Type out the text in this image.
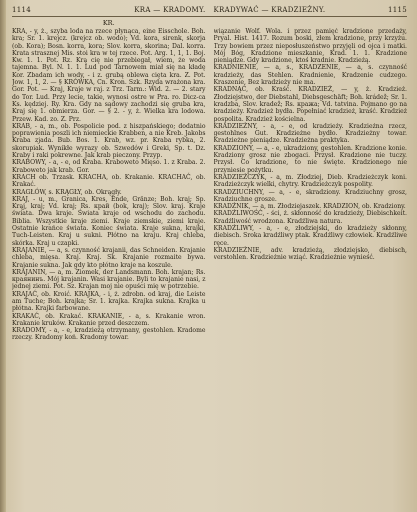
1114	KRA — KRADOMY. KRADYWAĆ — KRADZIEŻNY.	1115
KR.

KRA, - y, ż., szyba loda na rzece płynąca, eine Eisschole. Boh. kra; Sr. 1. krejcz. (krejcz ob. wodo); Vd. kora, sirenk, skorja (ob. Kora); Bosn. korra, kora; Slov. korra, skorina; Dal. korra. Krata strasznej Mis. stoi kra w tej rzece. Pot. Arg. 1, 1, 1. Boj. Kw. 1. 1. Pot. Rz. Krą cię nie przebiegał, wiem, że woda tajemna. Byl. N. 1. 1. Lud pod Tarnowem miał się na kładę Kor. Zbadam ich wody, - i z. grubą oblewa cięta kra. Z. Pot. Jow. 1, 1, 2. — § KRÓWKA, Cn. Kron. Szk. Rzyda wrażona kra. Gor. Pot. — Kraj, Kraje w raj. z Trz. Tarm.: Wid. 2. — 2. stary do Tor. Lud. Przy lecie, takie, wynosi ostre w Pra. ro. Dicz-ca Ks. kędziej. Ry. Kra. Gdy na sądowy zachodzi się gruba kra, Kraj się 1. obmierza. Gor. — § 2. - y, ż. Wielka kra lodowa. Przew. Kad. zo. Z. Prz.

KRAB, - a, m., ob. Pospolicie pod. z hiszpańskiego; dodatnio poprawienia poszli ich niemieckie Krabben, a nie Kreb. Jakobs Kraba zjada. Bub. Bos. 1. Krab, wz. pr. Kraba rybka, 2. skorupiak. Wynikłe wyrazy ob. Szwedów i Greki, Sp. t. Dz. Kraby i raki pokrewne. Jak krab pieczony. Przyp.

KRABOWY, - a, - e, od Kraba. Kraboweto Mięso. 1. z Kraba. 2. Kraboweto jak krab. Gor.

KRACH ob. Trzask. KRACHA, ob. Krakanie. KRACHAĆ, ob. Krakać.

KRAGŁÓW, s. KRĄGŁY, ob. Okrągły.

KRAJ, - u, m., Granica, Kres, Ende, Gränze; Boh. kraj; Sp. Krąj, kraj; Vd. kraj; Rs. край (bok, kraj); Slov. kraj. Kraje świata. Dwa kraje. Świata kraje od wschodu do zachodu. Biblia. Wszystkie kraje ziemi. Kraje ziemskie, ziemi kraje. Ostatnie krańce świata. Koniec świata. Kraje sukna, krajki, Tuch-Leisten. Kraj u sukni. Płótno na kraju. Kraj chleba, skórka. Kraj u czapki.

KRAJANIE, — a, s. czynność krajanii, das Schneiden. Krajanie chleba, mięsa. Kraj. Kraj. Sk. Krajanie rozmaite bywa. Krajanie sukna. Jak gdy kto płótno kraje na koszule.

KRAJANIN, — a, m. Ziomek, der Landsmann. Boh. krajan; Rs. краянинъ. Mój krajanin. Wasi krajanie. Byli to krajanie nasi, z jednej ziemi. Pot. Sz. Krajan moj nie opuści mię w potrzebie.

KRAJAĆ, ob. Kroić. KRAJKA, - i, ż. zdrobn. od kraj, die Leiste am Tuche; Boh. krajka; Sr. 1. krajka. Krajka sukna. Krajka u płótna. Krajki farbowane.

KRAKAĆ, ob. Krakać. KRAKANIE, - a, s. Krakanie wron. Krakanie kruków. Krakanie przed deszczem.

KRADOMY, - a, - e, kradzieżą otrzymany, gestohlen. Kradome rzeczy. Kradomy koń. Kradomy towar.

wiązanie Wolf. Wola. i przez pamięć kradzione przedaży, Pryal. Hist. 1417. Rozum boski, złem kradzione, przy krzyżu. Trzy bowiem przez nieposłuszeństwo przyjęli od ojca i matki. Mój Bóg, Kradzione mieszkanie, Krad. 1. 1. Kradzione pieniądze. Gdy kradzione, ktoś kradnie. Kradzieżą.

KRADNIENIE, — a, s., KRADZENIE, — a, s. czynność kradzieży, das Stehlen. Kradnienie, Kradzenie cudzego. Kraszenie, Bez kradzieży nie ma.

KRADNĄĆ, ob. Kraść. KRADZIEŻ, — y, ż. Kradzież. Złodziejstwo, der Diebstahl, Diebsgeschäft; Boh. krádež; Sr. 1. kradzba, Slov. kradež; Rs. кража; Vd. tatvina. Pojmano go na kradzieży. Kradzież bydła. Popełniać kradzież, kraść. Kradzież pospolita. Kradzież kościelna.

KRADZIEŻNY, - a, - e, od kradzieży. Kradzieżna rzecz, gestohlnes Gut. Kradzieżne bydło. Kradzieżny towar. Kradzieżne pieniądze. Kradzieżna praktyka.

KRADZIONY, — a, - e, ukradziony, gestohlen. Kradzione konie. Kradziony grosz nie zbogaci. Przysł. Kradzione nie tuczy. Przysł. Co kradzione, to nie święte. Kradzionego nie przyniesie pożytku.

KRADZIEŻCZYK, - a, m. Złodziej, Dieb. Kradzieżczyk koni. Kradzieżczyk wielki, chytry. Kradzieżczyk pospolity.

KRADZIUCHNY, — a, - e, skradziony. Kradziuchny grosz, Kradziuchne grosze.

KRADŹNIK, — a, m. Złodziejaszek. KRADZION, ob. Kradziony.

KRADŹLIWOŚĆ, - ści, ż. skłonność do kradzieży, Diebischkeit. Kradźliwość wrodzona. Kradźliwa natura.

KRADŹLIWY, - a, - e, złodziejski, do kradzieży skłonny, diebisch. Sroka kradźliwy ptak. Kradźliwy człowiek. Kradźliwe ręce.

KRADZIEŻNIE, adv. kradzieżą, złodziejsko, diebisch, verstohlen. Kradzieżnie wziąć. Kradzieżnie wynieść.
